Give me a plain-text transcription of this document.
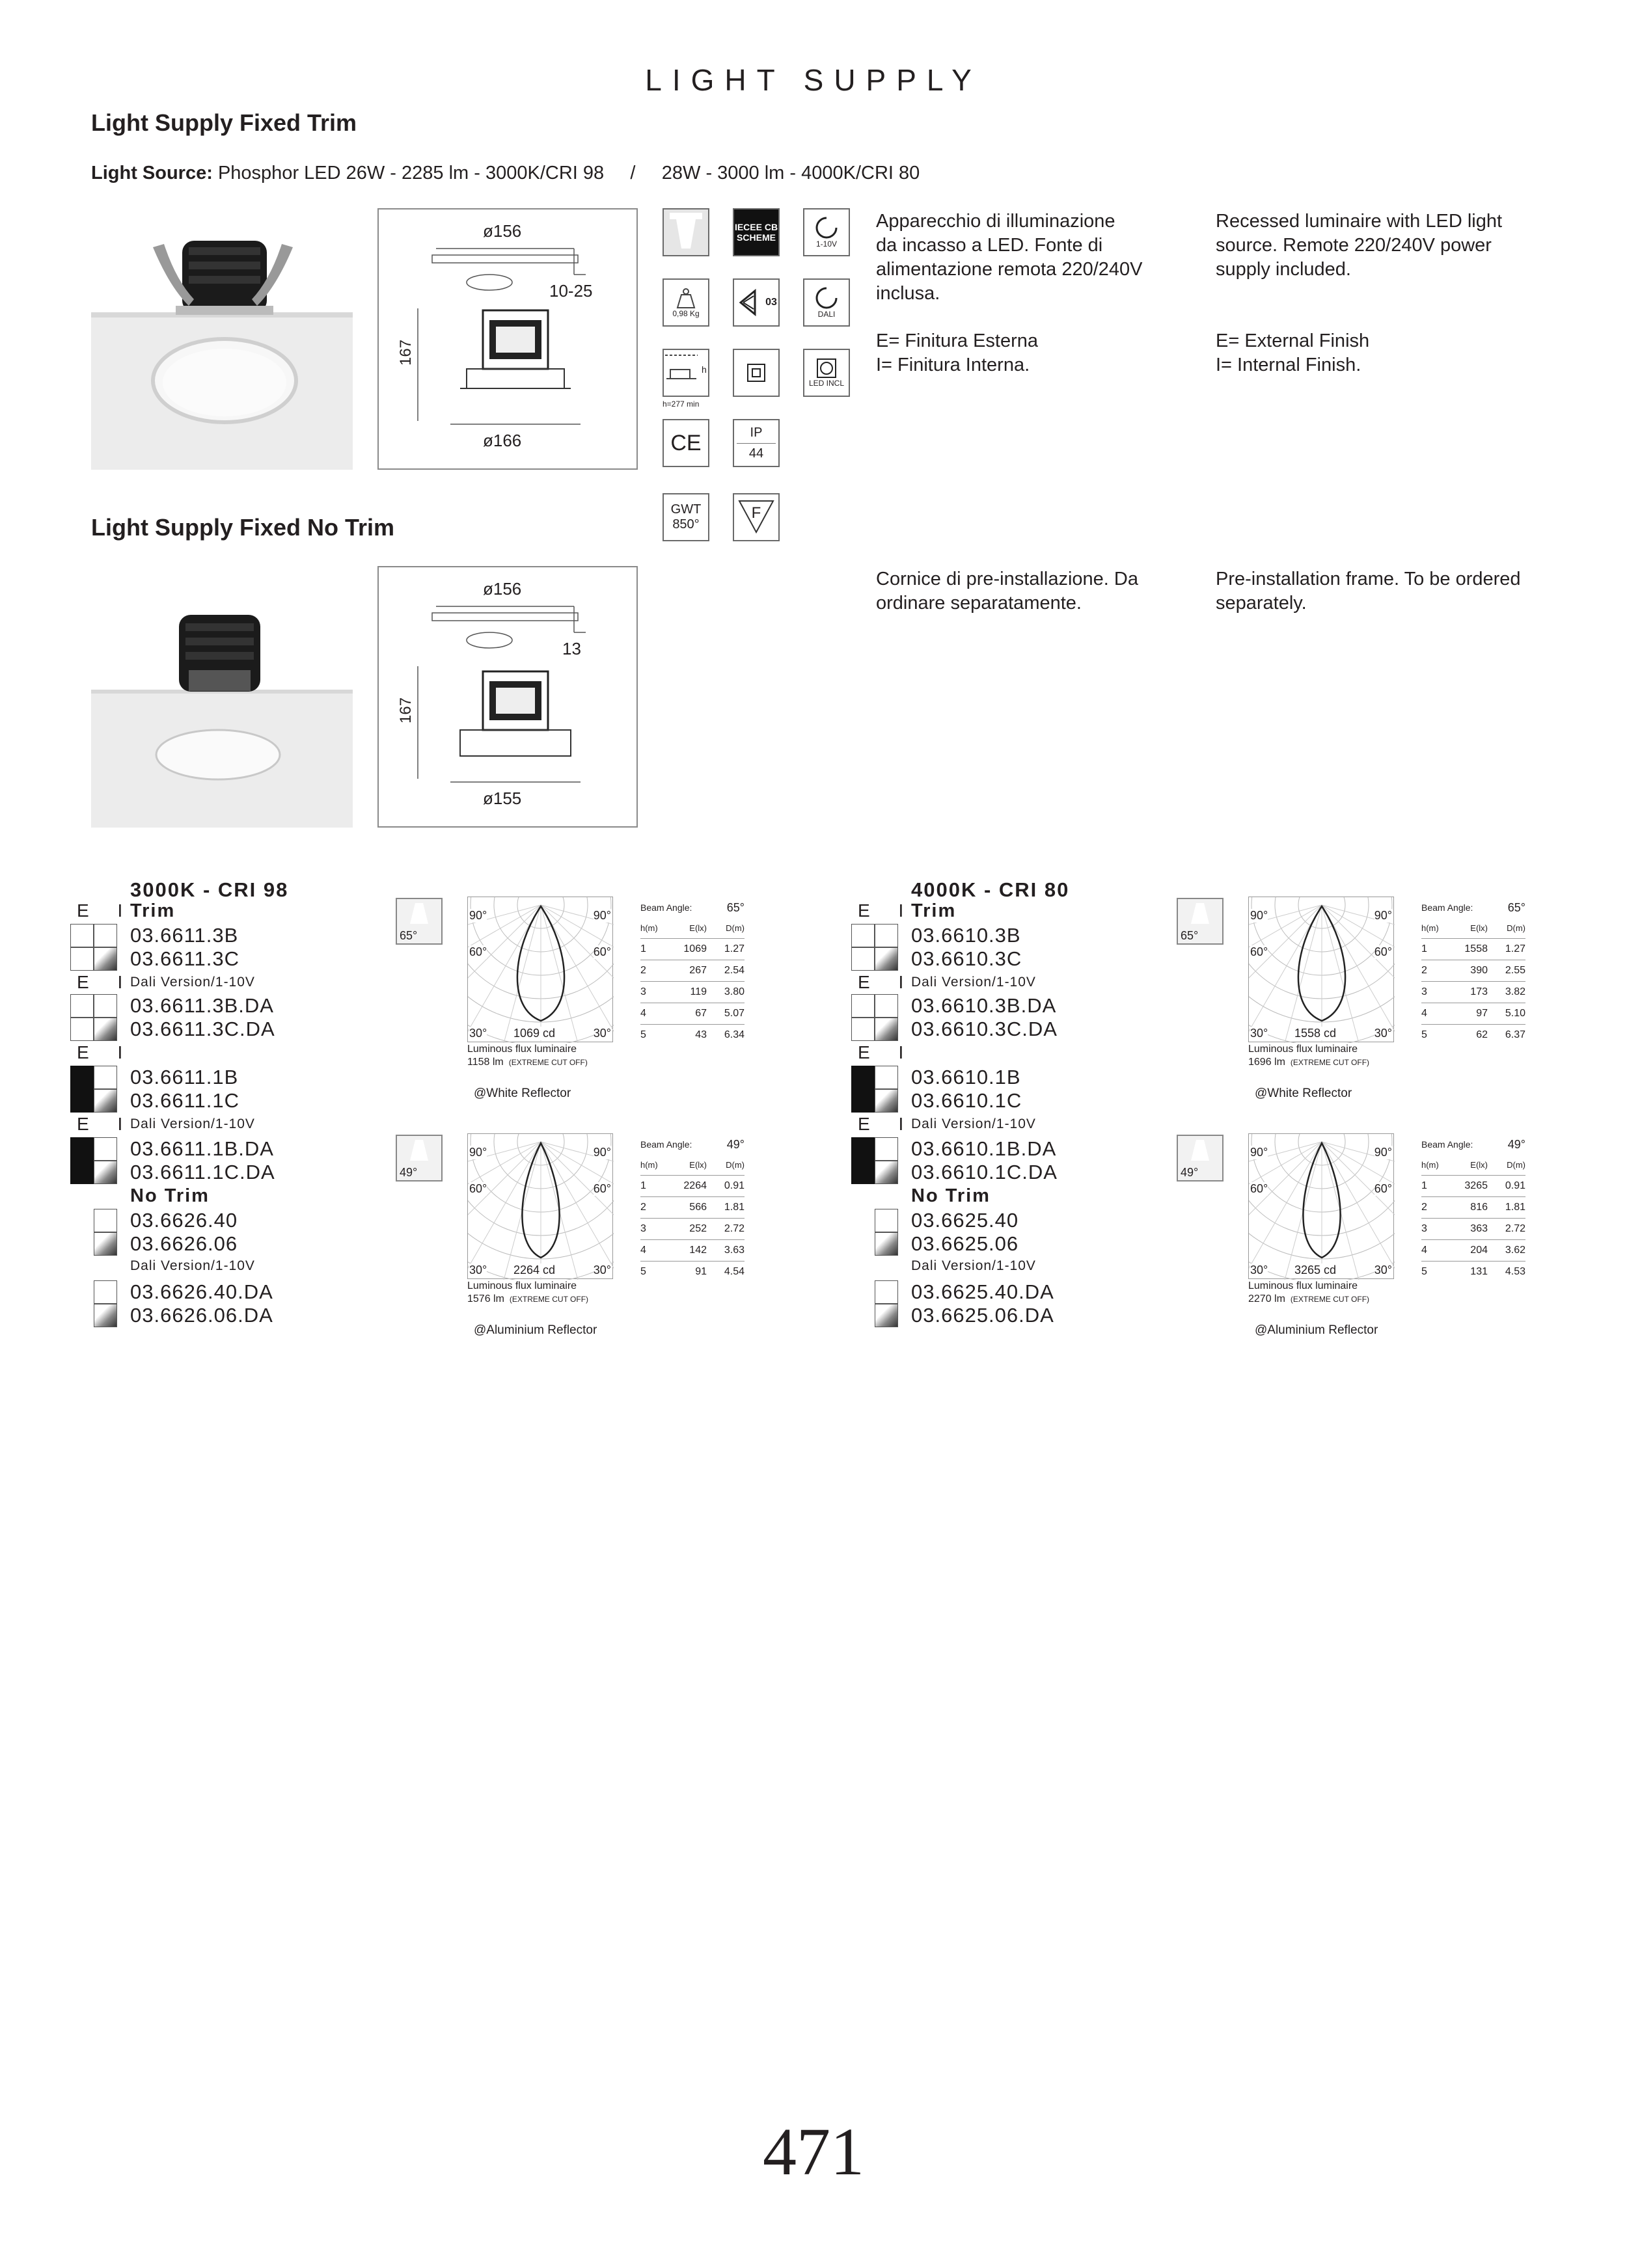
LIGHT SUPPLY
Light Supply Fixed Trim
Light Source: Phosphor LED 26W - 2285 lm - 3000K/CRI 98     /     28W - 3000 lm - 4000K/CRI 80
ø156
10-25
167
ø166
IECEE CB SCHEME
1-10V
0,98 Kg
03
DALI
h
h=277 min
LED INCL
CE	IP
44
GWT
850°
F
Apparecchio di illuminazione
da incasso a LED. Fonte di
alimentazione remota 220/240V
inclusa.
Recessed luminaire with LED light
source. Remote 220/240V power
supply included.
E= Finitura Esterna
I= Finitura Interna.
E= External Finish
I= Internal Finish.
Light Supply Fixed No Trim
ø156
13
167
ø155
Cornice di pre-installazione. Da
ordinare separatamente.
Pre-installation frame. To be ordered
separately.
3000K - CRI 98
E I
Trim
03.6611.3B
03.6611.3C
E I
Dali Version/1-10V
03.6611.3B.DA
03.6611.3C.DA
E I
03.6611.1B
03.6611.1C
E I
Dali Version/1-10V
03.6611.1B.DA
03.6611.1C.DA
No Trim
03.6626.40
03.6626.06
Dali Version/1-10V
03.6626.40.DA
03.6626.06.DA
65°
90°	90°
60°	60°
30°	30°
1069 cd
Luminous flux luminaire
1158 lm (EXTREME CUT OFF)
@White Reflector
Beam Angle:	65°
h(m)	E(lx)	D(m)
1	1069	1.27
2	267	2.54
3	119	3.80
4	67	5.07
5	43	6.34
49°
90°	90°
60°	60°
30°	30°
2264 cd
Luminous flux luminaire
1576 lm (EXTREME CUT OFF)
@Aluminium Reflector
Beam Angle:	49°
h(m)	E(lx)	D(m)
1	2264	0.91
2	566	1.81
3	252	2.72
4	142	3.63
5	91	4.54
4000K - CRI 80
E I
Trim
03.6610.3B
03.6610.3C
E I
Dali Version/1-10V
03.6610.3B.DA
03.6610.3C.DA
E I
03.6610.1B
03.6610.1C
E I
Dali Version/1-10V
03.6610.1B.DA
03.6610.1C.DA
No Trim
03.6625.40
03.6625.06
Dali Version/1-10V
03.6625.40.DA
03.6625.06.DA
65°
90°	90°
60°	60°
30°	30°
1558 cd
Luminous flux luminaire
1696 lm (EXTREME CUT OFF)
@White Reflector
Beam Angle:	65°
h(m)	E(lx)	D(m)
1	1558	1.27
2	390	2.55
3	173	3.82
4	97	5.10
5	62	6.37
49°
90°	90°
60°	60°
30°	30°
3265 cd
Luminous flux luminaire
2270 lm (EXTREME CUT OFF)
@Aluminium Reflector
Beam Angle:	49°
h(m)	E(lx)	D(m)
1	3265	0.91
2	816	1.81
3	363	2.72
4	204	3.62
5	131	4.53
471
